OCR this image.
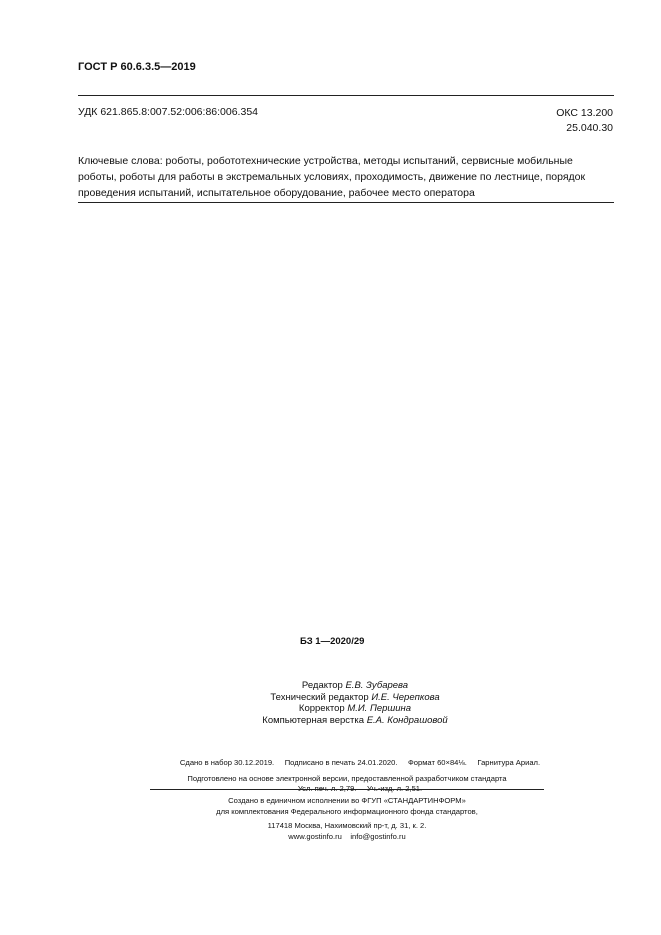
ГОСТ Р 60.6.3.5—2019
УДК 621.865.8:007.52:006:86:006.354	ОКС 13.200
25.040.30
Ключевые слова: роботы, робототехнические устройства, методы испытаний, сервисные мобильные
роботы, роботы для работы в экстремальных условиях, проходимость, движение по лестнице, порядок
проведения испытаний, испытательное оборудование, рабочее место оператора
БЗ 1—2020/29
Редактор Е.В. Зубарева
Технический редактор И.Е. Черепкова
Корректор М.И. Першина
Компьютерная верстка Е.А. Кондрашовой

Сдано в набор 30.12.2019.     Подписано в печать 24.01.2020.     Формат 60×84⅛.     Гарнитура Ариал.

Подготовлено на основе электронной версии, предоставленной разработчиком стандарта
Создано в единичном исполнении во ФГУП «СТАНДАРТИНФОРМ»
для комплектования Федерального информационного фонда стандартов,
117418 Москва, Нахимовский пр-т, д. 31, к. 2.
www.gostinfo.ru info@gostinfo.ru
